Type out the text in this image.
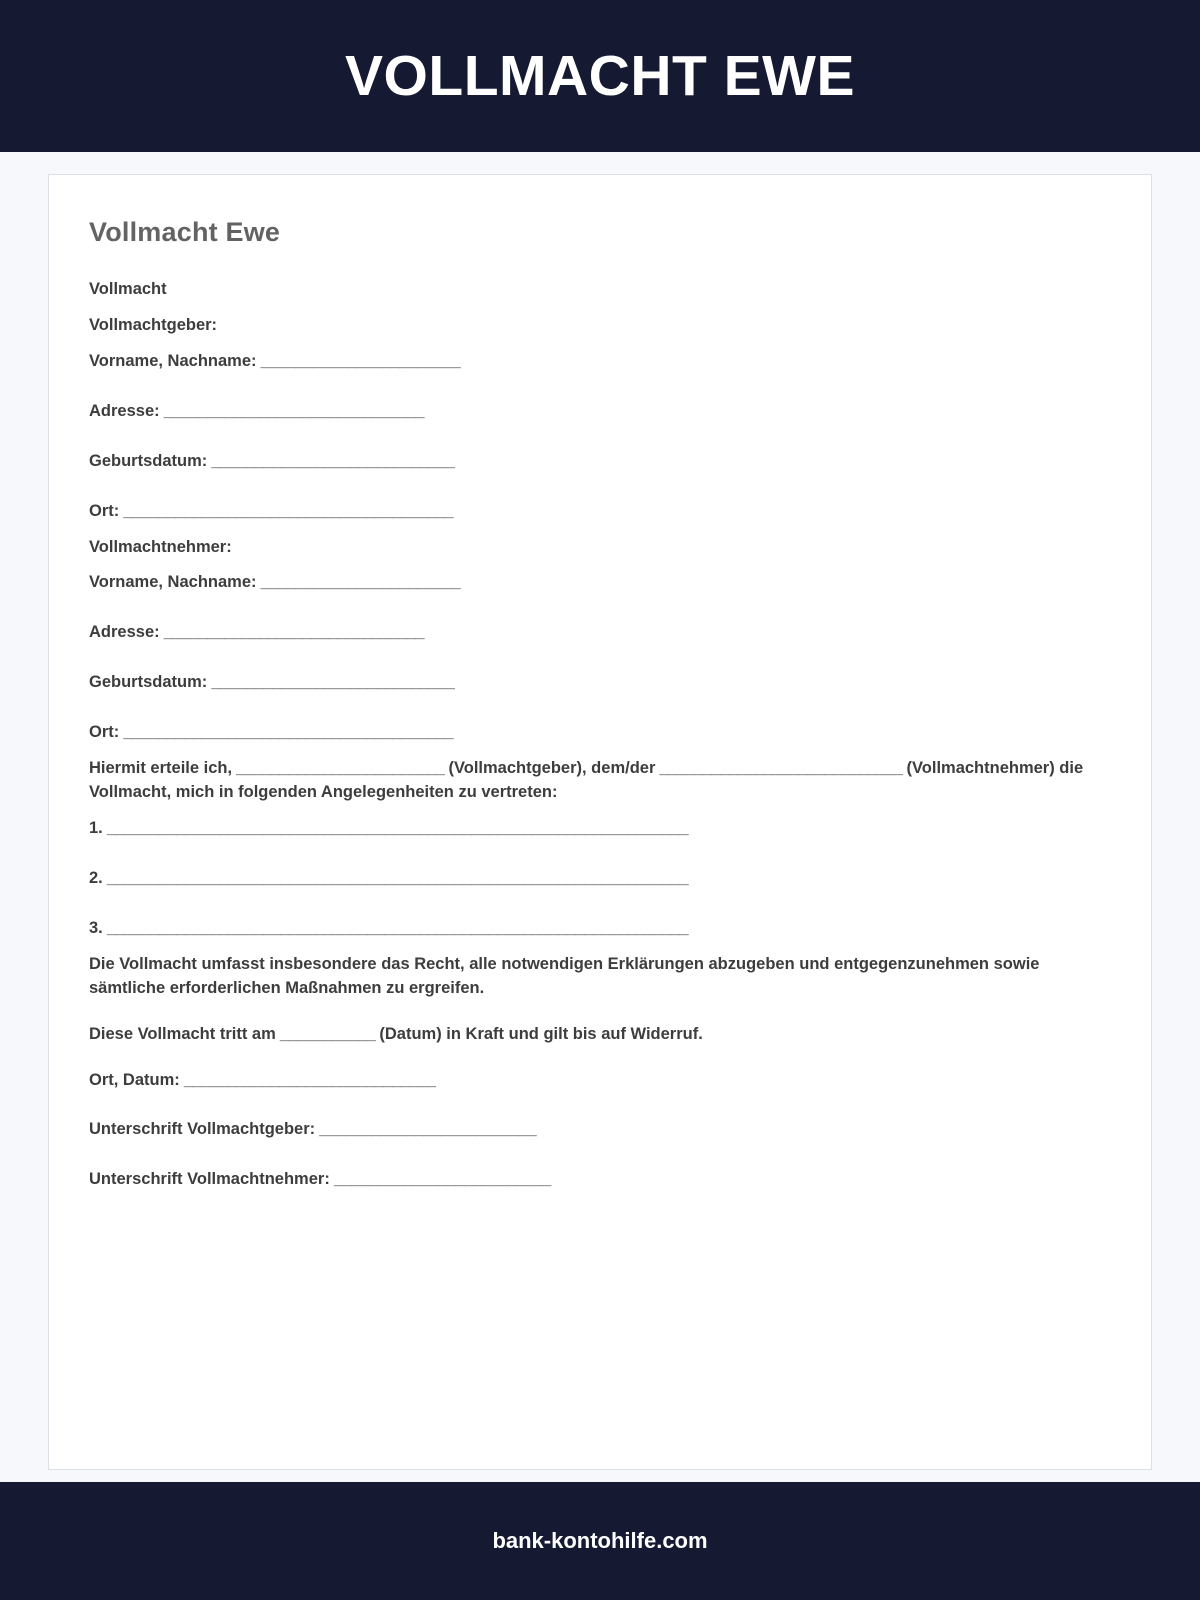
VOLLMACHT EWE
Vollmacht Ewe

Vollmacht

Vollmachtgeber:

Vorname, Nachname: _______________________

Adresse: ______________________________

Geburtsdatum: ____________________________

Ort: ______________________________________

Vollmachtnehmer:

Vorname, Nachname: _______________________

Adresse: ______________________________

Geburtsdatum: ____________________________

Ort: ______________________________________

Hiermit erteile ich, ________________________ (Vollmachtgeber), dem/der ____________________________ (Vollmachtnehmer) die Vollmacht, mich in folgenden Angelegenheiten zu vertreten:

1. ___________________________________________________________________

2. ___________________________________________________________________

3. ___________________________________________________________________

Die Vollmacht umfasst insbesondere das Recht, alle notwendigen Erklärungen abzugeben und entgegenzunehmen sowie sämtliche erforderlichen Maßnahmen zu ergreifen.

Diese Vollmacht tritt am ___________ (Datum) in Kraft und gilt bis auf Widerruf.

Ort, Datum: _____________________________

Unterschrift Vollmachtgeber: _________________________

Unterschrift Vollmachtnehmer: _________________________

bank-kontohilfe.com
